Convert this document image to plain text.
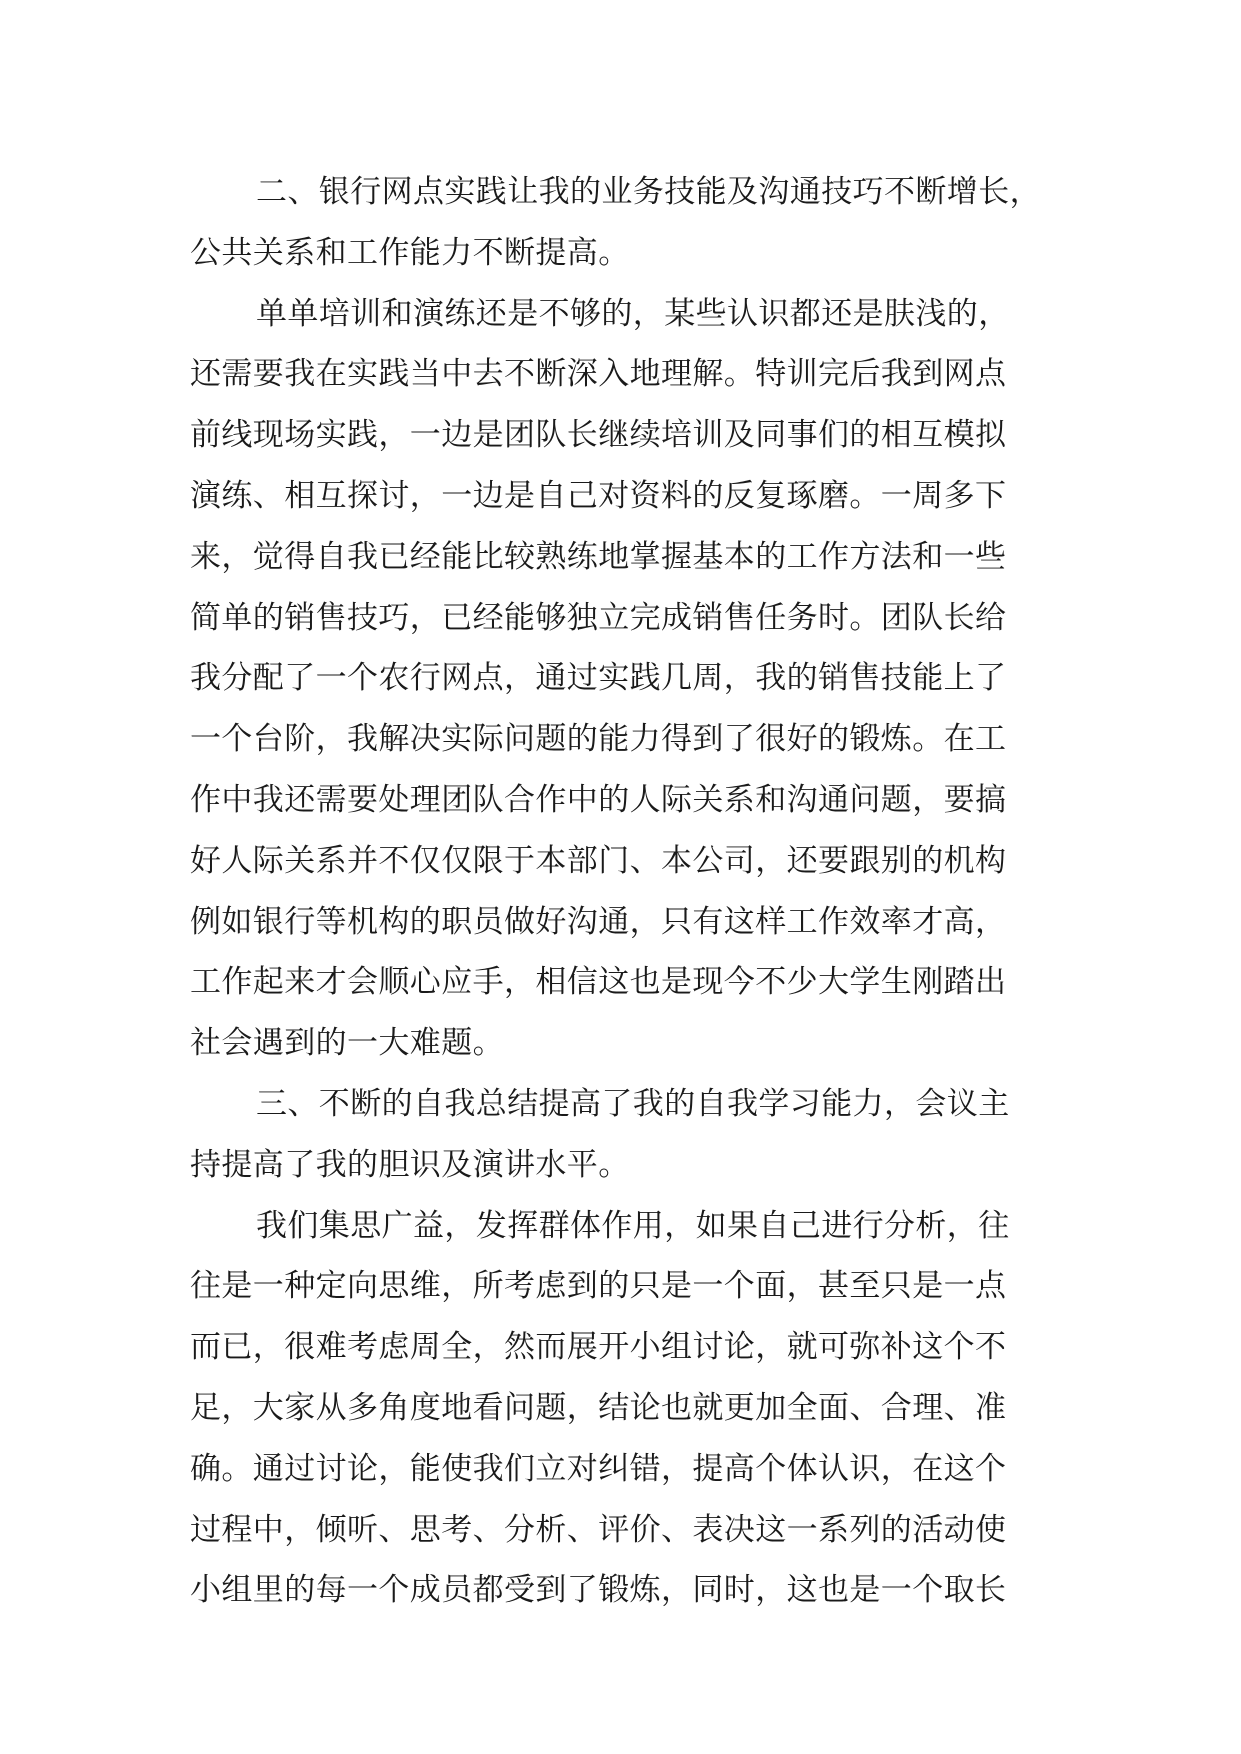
二、银行网点实践让我的业务技能及沟通技巧不断增长，
公共关系和工作能力不断提高。
单单培训和演练还是不够的，某些认识都还是肤浅的，
还需要我在实践当中去不断深入地理解。特训完后我到网点
前线现场实践，一边是团队长继续培训及同事们的相互模拟
演练、相互探讨，一边是自己对资料的反复琢磨。一周多下
来，觉得自我已经能比较熟练地掌握基本的工作方法和一些
简单的销售技巧，已经能够独立完成销售任务时。团队长给
我分配了一个农行网点，通过实践几周，我的销售技能上了
一个台阶，我解决实际问题的能力得到了很好的锻炼。在工
作中我还需要处理团队合作中的人际关系和沟通问题，要搞
好人际关系并不仅仅限于本部门、本公司，还要跟别的机构
例如银行等机构的职员做好沟通，只有这样工作效率才高，
工作起来才会顺心应手，相信这也是现今不少大学生刚踏出
社会遇到的一大难题。
三、不断的自我总结提高了我的自我学习能力，会议主
持提高了我的胆识及演讲水平。
我们集思广益，发挥群体作用，如果自己进行分析，往
往是一种定向思维，所考虑到的只是一个面，甚至只是一点
而已，很难考虑周全，然而展开小组讨论，就可弥补这个不
足，大家从多角度地看问题，结论也就更加全面、合理、准
确。通过讨论，能使我们立对纠错，提高个体认识，在这个
过程中，倾听、思考、分析、评价、表决这一系列的活动使
小组里的每一个成员都受到了锻炼，同时，这也是一个取长
